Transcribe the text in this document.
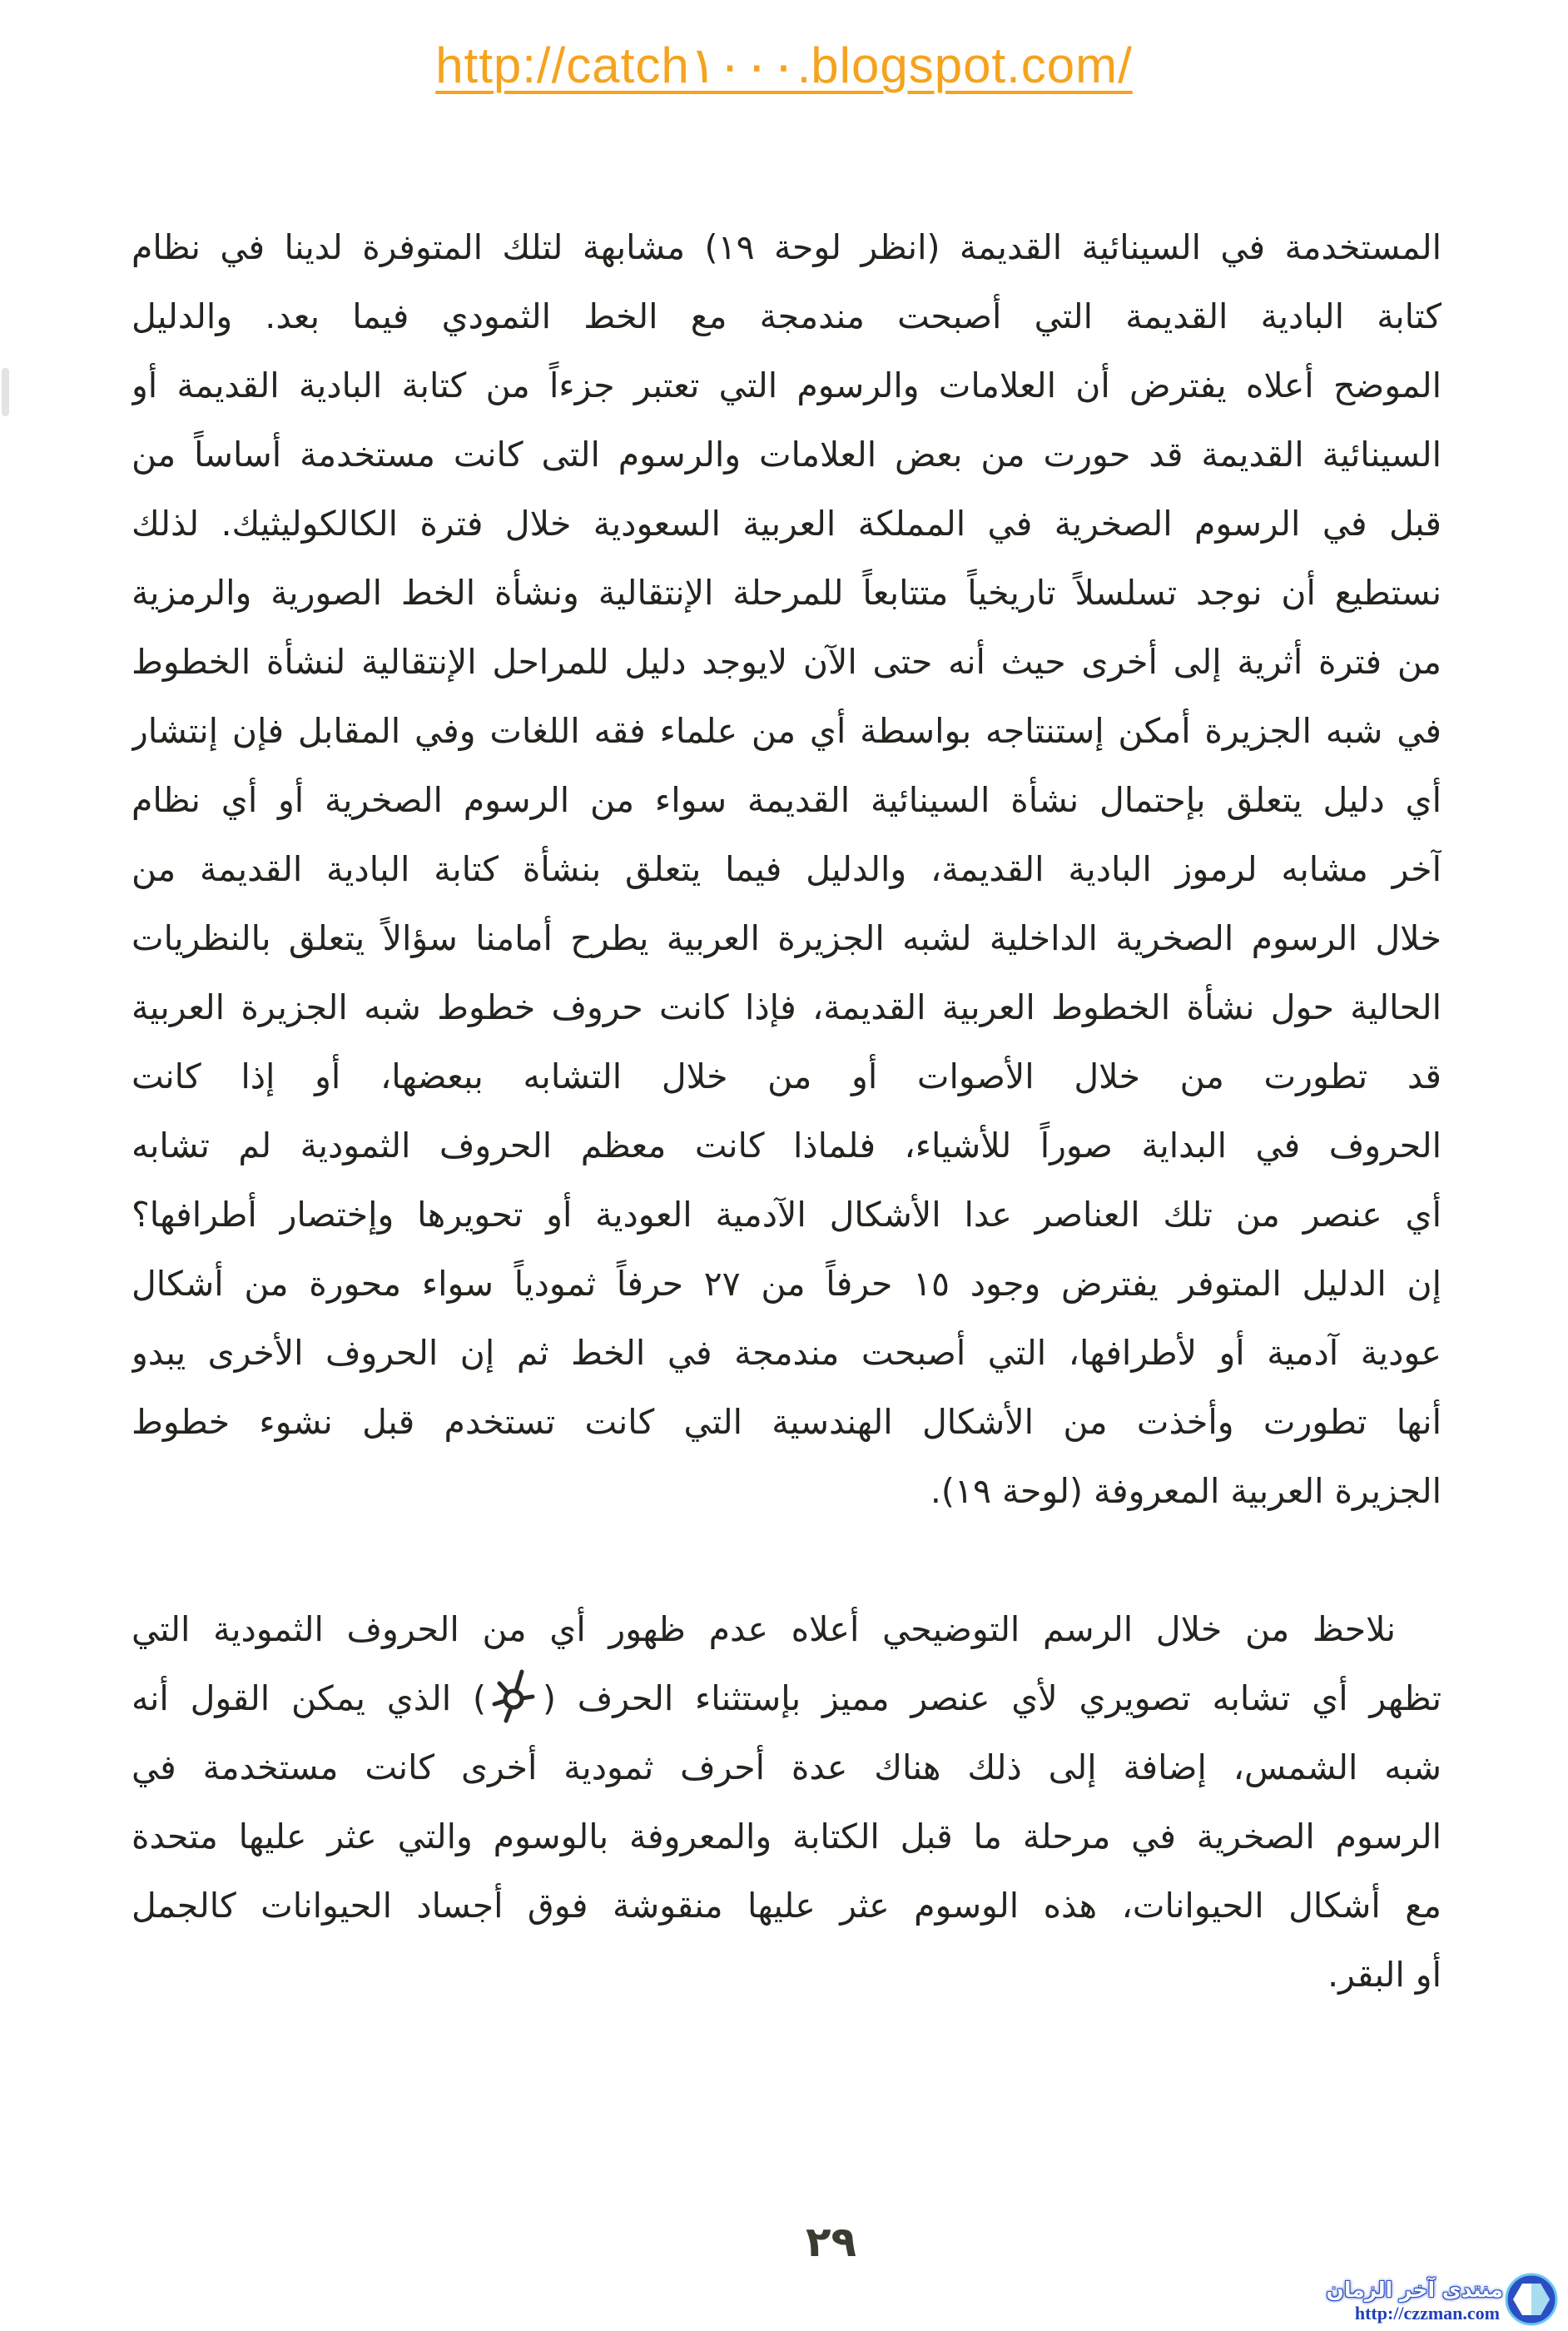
http://catch١٠٠٠.blogspot.com/
المستخدمة في السينائية القديمة (انظر لوحة ١٩) مشابهة لتلك المتوفرة لدينا في نظام
كتابة البادية القديمة التي أصبحت مندمجة مع الخط الثمودي فيما بعد. والدليل
الموضح أعلاه يفترض أن العلامات والرسوم التي تعتبر جزءاً من كتابة البادية القديمة أو
السينائية القديمة قد حورت من بعض العلامات والرسوم التى كانت مستخدمة أساساً من
قبل في الرسوم الصخرية في المملكة العربية السعودية خلال فترة الكالكوليثيك. لذلك
نستطيع أن نوجد تسلسلاً تاريخياً متتابعاً للمرحلة الإنتقالية ونشأة الخط الصورية والرمزية
من فترة أثرية إلى أخرى حيث أنه حتى الآن لايوجد دليل للمراحل الإنتقالية لنشأة الخطوط
في شبه الجزيرة أمكن إستنتاجه بواسطة أي من علماء فقه اللغات وفي المقابل فإن إنتشار
أي دليل يتعلق بإحتمال نشأة السينائية القديمة سواء من الرسوم الصخرية أو أي نظام
آخر مشابه لرموز البادية القديمة، والدليل فيما يتعلق بنشأة كتابة البادية القديمة من
خلال الرسوم الصخرية الداخلية لشبه الجزيرة العربية يطرح أمامنا سؤالاً يتعلق بالنظريات
الحالية حول نشأة الخطوط العربية القديمة، فإذا كانت حروف خطوط شبه الجزيرة العربية
قد تطورت من خلال الأصوات أو من خلال التشابه ببعضها، أو إذا كانت
الحروف في البداية صوراً للأشياء، فلماذا كانت معظم الحروف الثمودية لم تشابه
أي عنصر من تلك العناصر عدا الأشكال الآدمية العودية أو تحويرها وإختصار أطرافها؟
إن الدليل المتوفر يفترض وجود ١٥ حرفاً من ٢٧ حرفاً ثمودياً سواء محورة من أشكال
عودية آدمية أو لأطرافها، التي أصبحت مندمجة في الخط ثم إن الحروف الأخرى يبدو
أنها تطورت وأخذت من الأشكال الهندسية التي كانت تستخدم قبل نشوء خطوط
الجزيرة العربية المعروفة (لوحة ١٩).
نلاحظ من خلال الرسم التوضيحي أعلاه عدم ظهور أي من الحروف الثمودية التي
تظهر أي تشابه تصويري لأي عنصر مميز بإستثناء الحرف () الذي يمكن القول أنه
شبه الشمس، إضافة إلى ذلك هناك عدة أحرف ثمودية أخرى كانت مستخدمة في
الرسوم الصخرية في مرحلة ما قبل الكتابة والمعروفة بالوسوم والتي عثر عليها متحدة
مع أشكال الحيوانات، هذه الوسوم عثر عليها منقوشة فوق أجساد الحيوانات كالجمل
أو البقر.
٢٩
منتدى آخر الزمان
http://czzman.com
